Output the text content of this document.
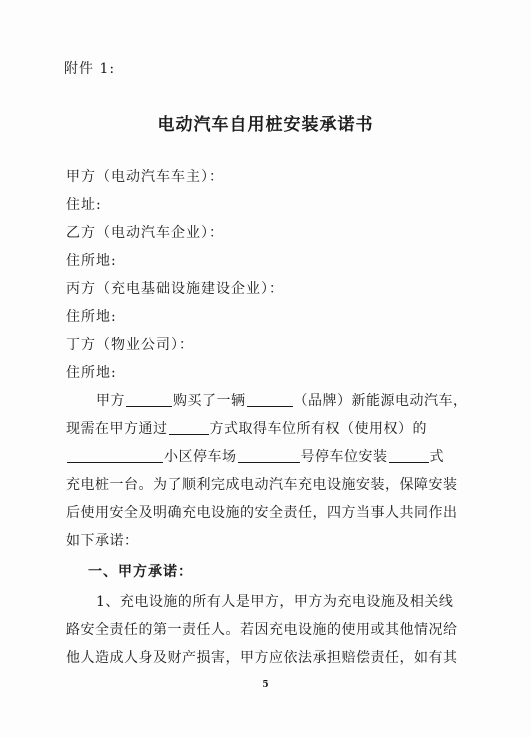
附件 1:
电动汽车自用桩安装承诺书
甲方（电动汽车车主）：
住址:
乙方（电动汽车企业）：
住所地:
丙方（充电基础设施建设企业）：
住所地:
丁方（物业公司）：
住所地:
甲方	购买了一辆	（品牌）新能源电动汽车，
现需在甲方通过	方式取得车位所有权（使用权）的
小区停车场	号停车位安装	式
充电桩一台。为了顺利完成电动汽车充电设施安装，保障安装
后使用安全及明确充电设施的安全责任，四方当事人共同作出
如下承诺：
一、甲方承诺：
1、充电设施的所有人是甲方，甲方为充电设施及相关线
路安全责任的第一责任人。若因充电设施的使用或其他情况给
他人造成人身及财产损害，甲方应依法承担赔偿责任，如有其
5
